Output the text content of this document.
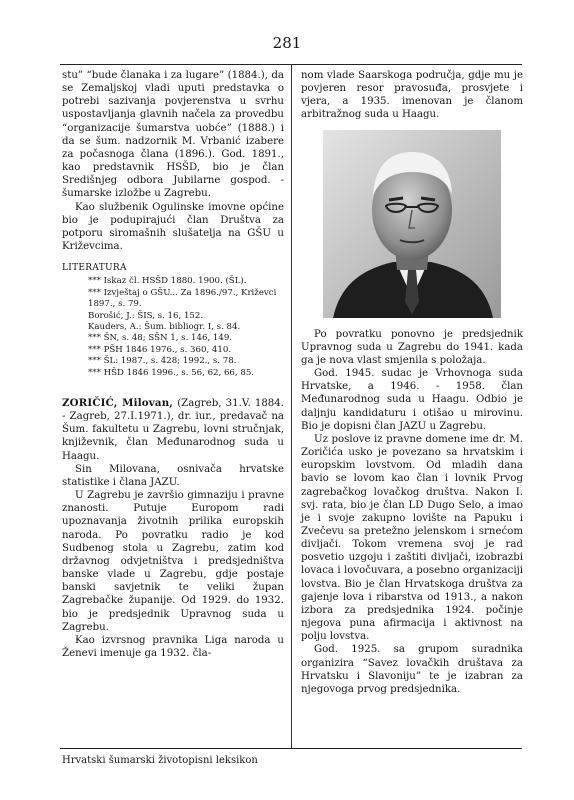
281

stu” “bude članaka i za lugare” (1884.), da se Zemaljskoj vladi uputi predstavka o potrebi sazivanja povjerenstva u svrhu uspostavljanja glavnih načela za provedbu “organizacije šumarstva uobće” (1888.) i da se šum. nadzornik M. Vrbanić izabere za počasnoga člana (1896.). God. 1891., kao predstavnik HSŠD, bio je član Središnjeg odbora Jubilarne gospod. - šumarske izložbe u Zagrebu.

Kao službenik Ogulinske imovne općine bio je podupirajući član Društva za potporu siromašnih slušatelja na GŠU u Križevcima.

LITERATURA
*** Iskaz čl. HSŠD 1880. 1900. (ŠL).
*** Izvještaj o GŠU... Za 1896./97., Križevci 1897., s. 79.
Borošić, J.: ŠIS, s. 16, 152.
Kauders, A.: Šum. bibliogr. I, s. 84.
*** ŠN, s. 48; SŠN 1, s. 146, 149.
*** PŠH 1846 1976., s. 360, 410.
*** ŠL: 1987., s. 428; 1992., s. 78.
*** HŠD 1846 1996., s. 56, 62, 66, 85.

ZORIČIĆ, Milovan, (Zagreb, 31.V. 1884. - Zagreb, 27.I.1971.), dr. iur., predavač na Šum. fakultetu u Zagrebu, lovni stručnjak, književnik, član Međunarodnog suda u Haagu.

Sin Milovana, osnivača hrvatske statistike i člana JAZU.

U Zagrebu je završio gimnaziju i pravne znanosti. Putuje Europom radi upoznavanja životnih prilika europskih naroda. Po povratku radio je kod Sudbenog stola u Zagrebu, zatim kod državnog odvjetništva i predsjedništva banske vlade u Zagrebu, gdje postaje banski savjetnik te veliki župan Zagrebačke županije. Od 1929. do 1932. bio je predsjednik Upravnog suda u Zagrebu.

Kao izvrsnog pravnika Liga naroda u Ženevi imenuje ga 1932. čla-

nom vlade Saarskoga područja, gdje mu je povjeren resor pravosuđa, prosvjete i vjera, a 1935. imenovan je članom arbitražnog suda u Haagu.

Po povratku ponovno je predsjednik Upravnog suda u Zagrebu do 1941. kada ga je nova vlast smjenila s položaja.

God. 1945. sudac je Vrhovnoga suda Hrvatske, a 1946. - 1958. član Međunarodnog suda u Haagu. Odbio je daljnju kandidaturu i otišao u mirovinu. Bio je dopisni član JAZU u Zagrebu.

Uz poslove iz pravne domene ime dr. M. Zoričića usko je povezano sa hrvatskim i europskim lovstvom. Od mladih dana bavio se lovom kao član i lovnik Prvog zagrebačkog lovačkog društva. Nakon I. svj. rata, bio je član LD Dugo Selo, a imao je i svoje zakupno lovište na Papuku i Zvečevu sa pretežno jelenskom i srnećom divljači. Tokom vremena svoj je rad posvetio uzgoju i zaštiti divljači, izobrazbi lovaca i lovočuvara, a posebno organizaciji lovstva. Bio je član Hrvatskoga društva za gajenje lova i ribarstva od 1913., a nakon izbora za predsjednika 1924. počinje njegova puna afirmacija i aktivnost na polju lovstva.

God. 1925. sa grupom suradnika organizira “Savez lovačkih društava za Hrvatsku i Slavoniju” te je izabran za njegovoga prvog predsjednika.

Hrvatski šumarski životopisni leksikon
